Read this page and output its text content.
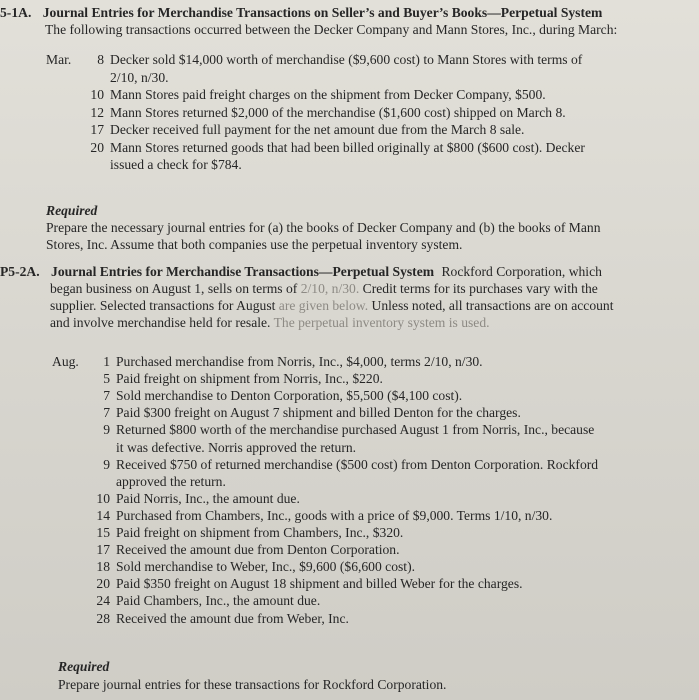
5-1A. Journal Entries for Merchandise Transactions on Seller’s and Buyer’s Books—Perpetual System
The following transactions occurred between the Decker Company and Mann Stores, Inc., during March:
Mar. 8 Decker sold $14,000 worth of merchandise ($9,600 cost) to Mann Stores with terms of
2/10, n/30.
10 Mann Stores paid freight charges on the shipment from Decker Company, $500.
12 Mann Stores returned $2,000 of the merchandise ($1,600 cost) shipped on March 8.
17 Decker received full payment for the net amount due from the March 8 sale.
20 Mann Stores returned goods that had been billed originally at $800 ($600 cost). Decker
issued a check for $784.
Required
Prepare the necessary journal entries for (a) the books of Decker Company and (b) the books of Mann
Stores, Inc. Assume that both companies use the perpetual inventory system.
P5-2A. Journal Entries for Merchandise Transactions—Perpetual System Rockford Corporation, which
began business on August 1, sells on terms of 2/10, n/30. Credit terms for its purchases vary with the
supplier. Selected transactions for August are given below. Unless noted, all transactions are on account
and involve merchandise held for resale. The perpetual inventory system is used.
Aug. 1 Purchased merchandise from Norris, Inc., $4,000, terms 2/10, n/30.
5 Paid freight on shipment from Norris, Inc., $220.
7 Sold merchandise to Denton Corporation, $5,500 ($4,100 cost).
7 Paid $300 freight on August 7 shipment and billed Denton for the charges.
9 Returned $800 worth of the merchandise purchased August 1 from Norris, Inc., because
it was defective. Norris approved the return.
9 Received $750 of returned merchandise ($500 cost) from Denton Corporation. Rockford
approved the return.
10 Paid Norris, Inc., the amount due.
14 Purchased from Chambers, Inc., goods with a price of $9,000. Terms 1/10, n/30.
15 Paid freight on shipment from Chambers, Inc., $320.
17 Received the amount due from Denton Corporation.
18 Sold merchandise to Weber, Inc., $9,600 ($6,600 cost).
20 Paid $350 freight on August 18 shipment and billed Weber for the charges.
24 Paid Chambers, Inc., the amount due.
28 Received the amount due from Weber, Inc.
Required
Prepare journal entries for these transactions for Rockford Corporation.
